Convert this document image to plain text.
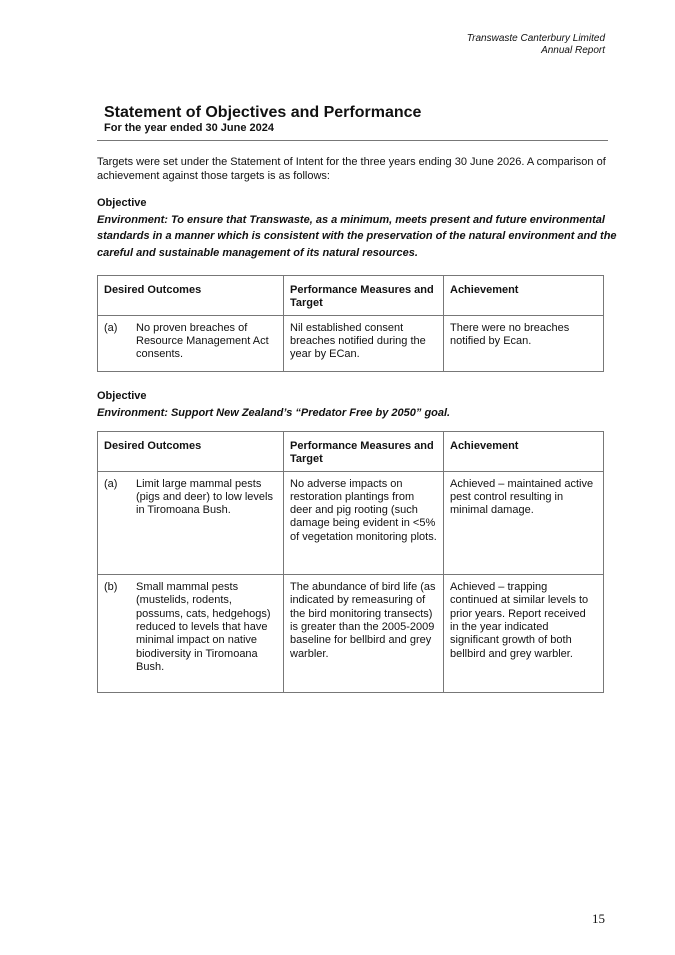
Transwaste Canterbury Limited
Annual Report

Statement of Objectives and Performance

For the year ended 30 June 2024

Targets were set under the Statement of Intent for the three years ending 30 June 2026. A comparison of achievement against those targets is as follows:
Objective
Environment: To ensure that Transwaste, as a minimum, meets present and future environmental standards in a manner which is consistent with the preservation of the natural environment and the careful and sustainable management of its natural resources.
Desired Outcomes	Performance Measures and Target	Achievement

(a) No proven breaches of Resource Management Act consents.	Nil established consent breaches notified during the year by ECan.	There were no breaches notified by Ecan.
Objective
Environment: Support New Zealand’s “Predator Free by 2050” goal.
Desired Outcomes	Performance Measures and Target	Achievement

(a) Limit large mammal pests (pigs and deer) to low levels in Tiromoana Bush.	No adverse impacts on restoration plantings from deer and pig rooting (such damage being evident in <5% of vegetation monitoring plots.	Achieved – maintained active pest control resulting in minimal damage.

(b) Small mammal pests (mustelids, rodents, possums, cats, hedgehogs) reduced to levels that have minimal impact on native biodiversity in Tiromoana Bush.	The abundance of bird life (as indicated by remeasuring of the bird monitoring transects) is greater than the 2005-2009 baseline for bellbird and grey warbler.	Achieved – trapping continued at similar levels to prior years. Report received in the year indicated significant growth of both bellbird and grey warbler.
15
